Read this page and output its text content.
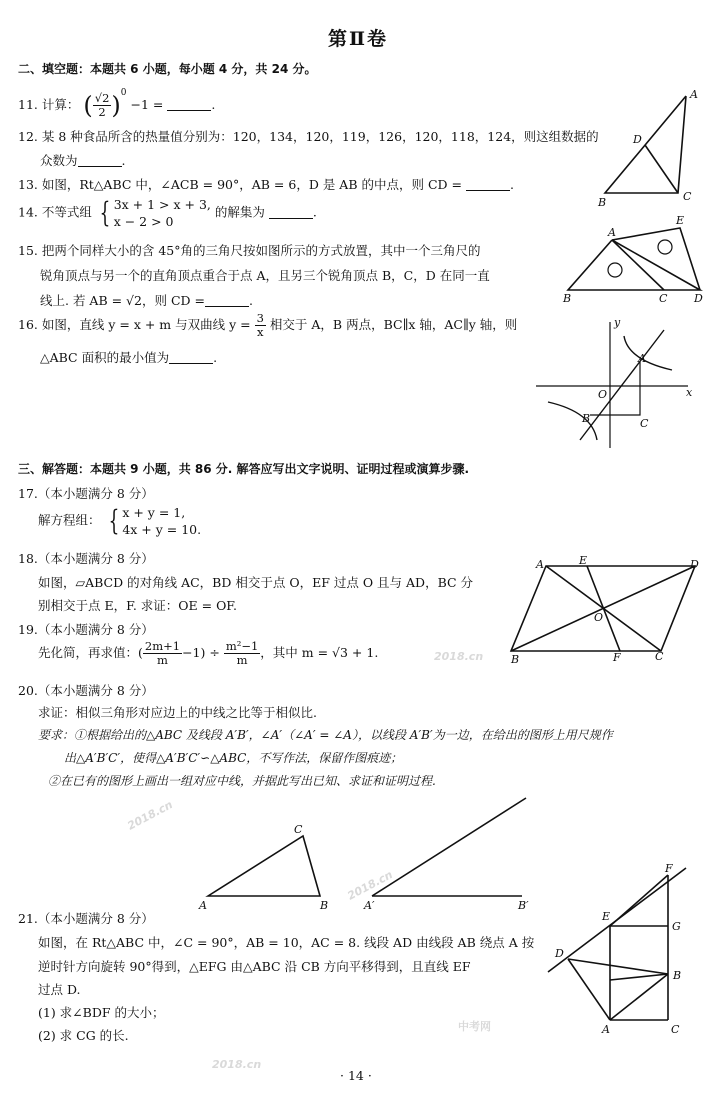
第Ⅱ卷
二、填空题：本题共 6 小题，每小题 4 分，共 24 分。
11. 计算： ( $\frac{√2}{2} )^0 -1$ =	.
12. 某 8 种食品所含的热量值分别为：120，134，120，119，126，120，118，124，则这组数据的
众数为	.
13. 如图，Rt△ABC 中，∠ACB = 90°，AB = 6，D 是 AB 的中点，则 CD =	.
14. 不等式组 { 3x + 1 > x + 3,
x − 2 > 0
的解集为	.
15. 把两个同样大小的含 45°角的三角尺按如图所示的方式放置，其中一个三角尺的
锐角顶点与另一个的直角顶点重合于点 A，且另三个锐角顶点 B，C，D 在同一直
线上. 若 AB = √2，则 CD =	.
16. 如图，直线 y = x + m 与双曲线 $y = \frac{3}{x}$ 相交于 A，B 两点，BC∥x 轴，AC∥y 轴，则
△ABC 面积的最小值为	.
三、解答题：本题共 9 小题，共 86 分. 解答应写出文字说明、证明过程或演算步骤.
17.（本小题满分 8 分）
解方程组： { x + y = 1,
4x + y = 10.
18.（本小题满分 8 分）
如图，▱ABCD 的对角线 AC，BD 相交于点 O，EF 过点 O 且与 AD，BC 分
别相交于点 E，F. 求证：OE = OF.
19.（本小题满分 8 分）
先化简，再求值：( $\frac{2m+1}{m} -1) \div \frac{\text{m²−1}}{m}$ ，其中 m = √3 + 1.
20.（本小题满分 8 分）
求证：相似三角形对应边上的中线之比等于相似比.
要求：①根据给出的△ABC 及线段 A′B′，∠A′（∠A′ = ∠A），以线段 A′B′为一边，在给出的图形上用尺规作
出△A′B′C′，使得△A′B′C′∽△ABC，不写作法，保留作图痕迹；
②在已有的图形上画出一组对应中线，并据此写出已知、求证和证明过程.
21.（本小题满分 8 分）
如图，在 Rt△ABC 中，∠C = 90°，AB = 10，AC = 8. 线段 AD 由线段 AB 绕点 A 按
逆时针方向旋转 90°得到，△EFG 由△ABC 沿 CB 方向平移得到，且直线 EF
过点 D.
(1) 求∠BDF 的大小；
(2) 求 CG 的长.
· 14 ·
A
D
B	C
A
E
B	C D
y
A
O	x
B	C
A	E	D
O
B	F	C
C
A	B	A′	B′
F
E
G
D
B
A	C
2018.cn
2018.cn
中考网
2018.cn
2018.cn
